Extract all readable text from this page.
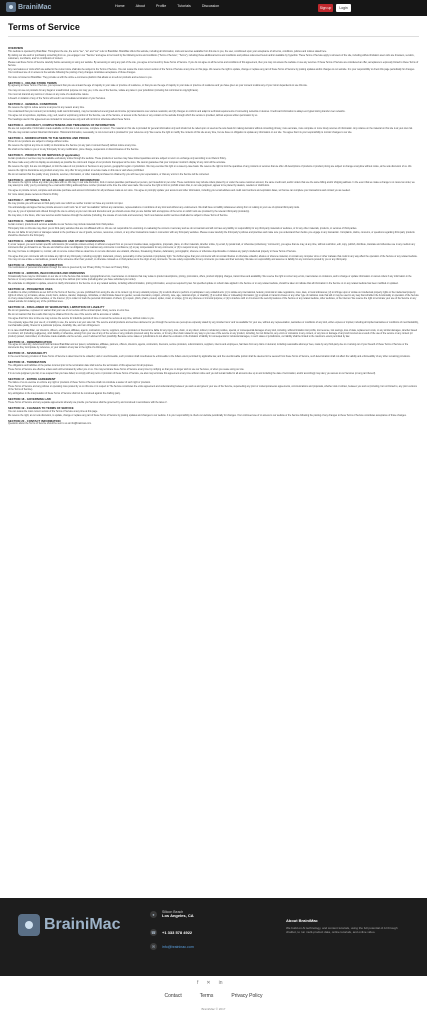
BrainiMac	Home	About	Profile	Tutorials	Discussion	Sign up	Login
Terms of Service
OVERVIEW

This website is operated by BrainiMac. Throughout the site, the terms "we", "us" and "our" refer to BrainiMac. BrainiMac offers this website, including all information, tools and services available from this site to you, the user, conditioned upon your acceptance of all terms, conditions, policies and notices stated here.

By visiting our site and/ or purchasing something from us, you engage in our "Service" and agree to be bound by the following terms and conditions ("Terms of Service", "Terms"), including those additional terms and conditions and policies referenced herein and/or available by hyperlink. These Terms of Service apply to all users of the site, including without limitation users who are browsers, vendors, customers, merchants, and/ or contributors of content.

Please read these Terms of Service carefully before accessing or using our website. By accessing or using any part of the site, you agree to be bound by these Terms of Service. If you do not agree to all the terms and conditions of this agreement, then you may not access the website or use any services. If these Terms of Service are considered an offer, acceptance is expressly limited to these Terms of Service.

Any new features or tools which are added to the current store shall also be subject to the Terms of Service. You can review the most current version of the Terms of Service at any time on this page. We reserve the right to update, change or replace any part of these Terms of Service by posting updates and/or changes to our website. It is your responsibility to check this page periodically for changes. Your continued use of or access to the website following the posting of any changes constitutes acceptance of those changes.

Our store is hosted on BrainiMac. They provide us with the online e-commerce platform that allows us to sell our products and services to you.

SECTION 1 - ONLINE STORE TERMS

By agreeing to these Terms of Service, you represent that you are at least the age of majority in your state or province of residence, or that you are the age of majority in your state or province of residence and you have given us your consent to allow any of your minor dependents to use this site.

You may not use our products for any illegal or unauthorized purpose nor may you, in the use of the Service, violate any laws in your jurisdiction (including but not limited to copyright laws).

You must not transmit any worms or viruses or any code of a destructive nature.

A breach or violation of any of the Terms will result in an immediate termination of your Services.

SECTION 2 - GENERAL CONDITIONS

We reserve the right to refuse service to anyone for any reason at any time.

You understand that your content (not including credit card information), may be transferred unencrypted and involve (a) transmissions over various networks; and (b) changes to conform and adapt to technical requirements of connecting networks or devices. Credit card information is always encrypted during transfer over networks.

You agree not to reproduce, duplicate, copy, sell, resell or exploit any portion of the Service, use of the Service, or access to the Service or any contact on the website through which the service is provided, without express written permission by us.

The headings used in this agreement are included for convenience only and will not limit or otherwise affect these Terms.

SECTION 3 - ACCURACY, COMPLETENESS AND TIMELINESS OF INFORMATION

We are not responsible if information made available on this site is not accurate, complete or current. The material on this site is provided for general information only and should not be relied upon or used as the sole basis for making decisions without consulting primary, more accurate, more complete or more timely sources of information. Any reliance on the material on this site is at your own risk.

This site may contain certain historical information. Historical information, necessarily, is not current and is provided for your reference only. We reserve the right to modify the contents of this site at any time, but we have no obligation to update any information on our site. You agree that it is your responsibility to monitor changes to our site.

SECTION 4 - MODIFICATIONS TO THE SERVICE AND PRICES

Prices for our products are subject to change without notice.

We reserve the right at any time to modify or discontinue the Service (or any part or content thereof) without notice at any time.

We shall not be liable to you or to any third-party for any modification, price change, suspension or discontinuance of the Service.

SECTION 5 - PRODUCTS OR SERVICES (if applicable)

Certain products or services may be available exclusively online through the website. These products or services may have limited quantities and are subject to return or exchange only according to our Return Policy.

We have made every effort to display as accurately as possible the colors and images of our products that appear at the store. We cannot guarantee that your computer monitor's display of any color will be accurate.

We reserve the right, but are not obligated, to limit the sales of our products or Services to any person, geographic region or jurisdiction. We may exercise this right on a case-by-case basis. We reserve the right to limit the quantities of any products or services that we offer. All descriptions of products or product pricing are subject to change at anytime without notice, at the sole discretion of us. We reserve the right to discontinue any product at any time. Any offer for any product or service made on this site is void where prohibited.

We do not warrant that the quality of any products, services, information, or other material purchased or obtained by you will meet your expectations, or that any errors in the Service will be corrected.

SECTION 6 - ACCURACY OF BILLING AND ACCOUNT INFORMATION

We reserve the right to refuse any order you place with us. We may, in our sole discretion, limit or cancel quantities purchased per person, per household or per order. These restrictions may include orders placed by or under the same customer account, the same credit card, and/or orders that use the same billing and/or shipping address. In the event that we make a change to or cancel an order, we may attempt to notify you by contacting the e-mail and/or billing address/phone number provided at the time the order was made. We reserve the right to limit or prohibit orders that, in our sole judgment, appear to be placed by dealers, resellers or distributors.

You agree to provide current, complete and accurate purchase and account information for all purchases made at our store. You agree to promptly update your account and other information, including your email address and credit card numbers and expiration dates, so that we can complete your transactions and contact you as needed.

For more detail, please review our Returns Policy.

SECTION 7 - OPTIONAL TOOLS

We may provide you with access to third-party tools over which we neither monitor nor have any control nor input.

You acknowledge and agree that we provide access to such tools "as is" and "as available" without any warranties, representations or conditions of any kind and without any endorsement. We shall have no liability whatsoever arising from or relating to your use of optional third-party tools.

Any use by you of optional tools offered through the site is entirely at your own risk and discretion and you should ensure that you are familiar with and approve of the terms on which tools are provided by the relevant third-party provider(s).

We may also, in the future, offer new services and/or features through the website (including, the release of new tools and resources). Such new features and/or services shall also be subject to these Terms of Service.

SECTION 8 - THIRD-PARTY LINKS

Certain content, products and services available via our Service may include materials from third-parties.

Third-party links on this site may direct you to third-party websites that are not affiliated with us. We are not responsible for examining or evaluating the content or accuracy and we do not warrant and will not have any liability or responsibility for any third-party materials or websites, or for any other materials, products, or services of third-parties.

We are not liable for any harm or damages related to the purchase or use of goods, services, resources, content, or any other transactions made in connection with any third-party websites. Please review carefully the third-party's policies and practices and make sure you understand them before you engage in any transaction. Complaints, claims, concerns, or questions regarding third-party products should be directed to the third-party.

SECTION 9 - USER COMMENTS, FEEDBACK AND OTHER SUBMISSIONS

If, at our request, you send certain specific submissions (for example contest entries) or without a request from us you send creative ideas, suggestions, proposals, plans, or other materials, whether online, by email, by postal mail, or otherwise (collectively, 'comments'), you agree that we may, at any time, without restriction, edit, copy, publish, distribute, translate and otherwise use in any medium any comments that you forward to us. We are and shall be under no obligation (1) to maintain any comments in confidence; (2) to pay compensation for any comments; or (3) to respond to any comments.

We may, but have no obligation to, monitor, edit or remove content that we determine in our sole discretion are unlawful, offensive, threatening, libelous, defamatory, pornographic, obscene or otherwise objectionable or violates any party's intellectual property or these Terms of Service.

You agree that your comments will not violate any right of any third-party, including copyright, trademark, privacy, personality or other personal or proprietary right. You further agree that your comments will not contain libelous or otherwise unlawful, abusive or obscene material, or contain any computer virus or other malware that could in any way affect the operation of the Service or any related website. You may not use a false e-mail address, pretend to be someone other than yourself, or otherwise mislead us or third-parties as to the origin of any comments. You are solely responsible for any comments you make and their accuracy. We take no responsibility and assume no liability for any comments posted by you or any third-party.

SECTION 10 - PERSONAL INFORMATION

Your submission of personal information through the store is governed by our Privacy Policy. To view our Privacy Policy.

SECTION 11 - ERRORS, INACCURACIES AND OMISSIONS

Occasionally there may be information on our site or in the Service that contains typographical errors, inaccuracies or omissions that may relate to product descriptions, pricing, promotions, offers, product shipping charges, transit times and availability. We reserve the right to correct any errors, inaccuracies or omissions, and to change or update information or cancel orders if any information in the Service or on any related website is inaccurate at any time without prior notice (including after you have submitted your order).

We undertake no obligation to update, amend or clarify information in the Service or on any related website, including without limitation, pricing information, except as required by law. No specified update or refresh date applied in the Service or on any related website, should be taken to indicate that all information in the Service or on any related website has been modified or updated.

SECTION 12 - PROHIBITED USES

In addition to other prohibitions as set forth in the Terms of Service, you are prohibited from using the site or its content: (a) for any unlawful purpose; (b) to solicit others to perform or participate in any unlawful acts; (c) to violate any international, federal, provincial or state regulations, rules, laws, or local ordinances; (d) to infringe upon or violate our intellectual property rights or the intellectual property rights of others; (e) to harass, abuse, insult, harm, defame, slander, disparage, intimidate, or discriminate based on gender, sexual orientation, religion, ethnicity, race, age, national origin, or disability; (f) to submit false or misleading information; (g) to upload or transmit viruses or any other type of malicious code that will or may be used in any way that will affect the functionality or operation of the Service or of any related website, other websites, or the Internet; (h) to collect or track the personal information of others; (i) to spam, phish, pharm, pretext, spider, crawl, or scrape; (j) for any obscene or immoral purpose; or (k) to interfere with or circumvent the security features of the Service or any related website, other websites, or the Internet. We reserve the right to terminate your use of the Service or any related website for violating any of the prohibited uses.

SECTION 13 - DISCLAIMER OF WARRANTIES; LIMITATION OF LIABILITY

We do not guarantee, represent or warrant that your use of our service will be uninterrupted, timely, secure or error-free.

We do not warrant that the results that may be obtained from the use of the service will be accurate or reliable.

You agree that from time to time we may remove the service for indefinite periods of time or cancel the service at any time, without notice to you.

You expressly agree that your use of, or inability to use, the service is at your sole risk. The service and all products and services delivered to you through the service are (except as expressly stated by us) provided 'as is' and 'as available' for your use, without any representation, warranties or conditions of any kind, either express or implied, including all implied warranties or conditions of merchantability, merchantable quality, fitness for a particular purpose, durability, title, and non-infringement.

In no case shall BrainiMac, our directors, officers, employees, affiliates, agents, contractors, interns, suppliers, service providers or licensors be liable for any injury, loss, claim, or any direct, indirect, incidental, punitive, special, or consequential damages of any kind, including, without limitation lost profits, lost revenue, lost savings, loss of data, replacement costs, or any similar damages, whether based in contract, tort (including negligence), strict liability or otherwise, arising from your use of any of the service or any products procured using the service, or for any other claim related in any way to your use of the service or any product, including, but not limited to, any errors or omissions in any content, or any loss or damage of any kind incurred as a result of the use of the service or any content (or product) posted, transmitted, or otherwise made available via the service, even if advised of their possibility. Because some states or jurisdictions do not allow the exclusion or the limitation of liability for consequential or incidental damages, in such states or jurisdictions, our liability shall be limited to the maximum extent permitted by law.

SECTION 14 - INDEMNIFICATION

You agree to indemnify, defend and hold harmless BrainiMac and our parent, subsidiaries, affiliates, partners, officers, directors, agents, contractors, licensors, service providers, subcontractors, suppliers, interns and employees, harmless from any claim or demand, including reasonable attorneys' fees, made by any third-party due to or arising out of your breach of these Terms of Service or the documents they incorporate by reference, or your violation of any law or the rights of a third-party.

SECTION 15 - SEVERABILITY

In the event that any provision of these Terms of Service is determined to be unlawful, void or unenforceable, such provision shall nonetheless be enforceable to the fullest extent permitted by applicable law, and the unenforceable portion shall be deemed to be severed from these Terms of Service, such determination shall not affect the validity and enforceability of any other remaining provisions.

SECTION 16 - TERMINATION

The obligations and liabilities of the parties incurred prior to the termination date shall survive the termination of this agreement for all purposes.

These Terms of Service are effective unless and until terminated by either you or us. You may terminate these Terms of Service at any time by notifying us that you no longer wish to use our Services, or when you cease using our site.

If in our sole judgment you fail, or we suspect that you have failed, to comply with any term or provision of these Terms of Service, we also may terminate this agreement at any time without notice and you will remain liable for all amounts due up to and including the date of termination; and/or accordingly may deny you access to our Services (or any part thereof).

SECTION 17 - ENTIRE AGREEMENT

The failure of us to exercise or enforce any right or provision of these Terms of Service shall not constitute a waiver of such right or provision.

These Terms of Service and any policies or operating rules posted by us on this site or in respect to The Service constitutes the entire agreement and understanding between you and us and govern your use of the Service, superseding any prior or contemporaneous agreements, communications and proposals, whether oral or written, between you and us (including, but not limited to, any prior versions of the Terms of Service).

Any ambiguities in the interpretation of these Terms of Service shall not be construed against the drafting party.

SECTION 18 - GOVERNING LAW

These Terms of Service and any separate agreements whereby we provide you Services shall be governed by and construed in accordance with the laws of .

SECTION 19 - CHANGES TO TERMS OF SERVICE

You can review the most current version of the Terms of Service at any time at this page.

We reserve the right, at our sole discretion, to update, change or replace any part of these Terms of Service by posting updates and changes to our website. It is your responsibility to check our website periodically for changes. Your continued use of or access to our website or the Service following the posting of any changes to these Terms of Service constitutes acceptance of those changes.

SECTION 20 - CONTACT INFORMATION

Questions about the Terms of Service should be sent to us at info@braininac.com.

BrainiMac
●	Silicon Beach
Los Angeles, CA
☎ +1 333 578 4922
✉	info@braininac.com
About BrainiMac

We build on AI technology, and content tutorials, using the full potential of AI through chatbot, to run multi-product data, online tutorials, and online video.

f ✕ in
Contact	Terms	Privacy Policy
BrainiMac © 2017
